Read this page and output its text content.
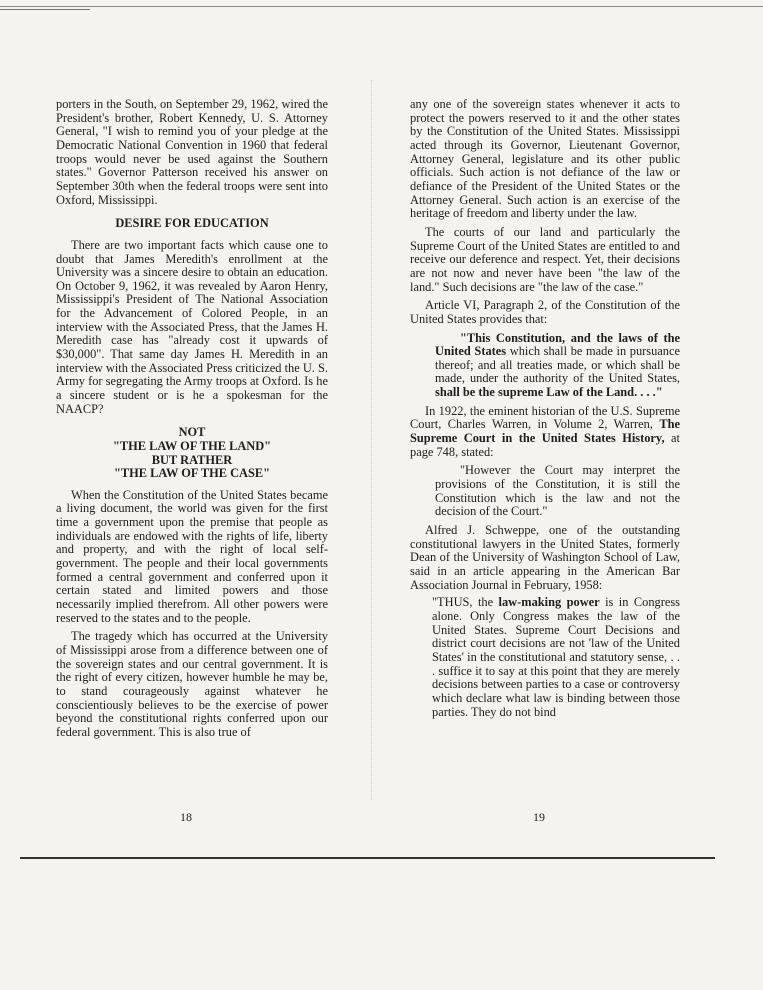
porters in the South, on September 29, 1962, wired the President's brother, Robert Kennedy, U. S. Attorney General, "I wish to remind you of your pledge at the Democratic National Convention in 1960 that federal troops would never be used against the Southern states." Governor Patterson received his answer on September 30th when the federal troops were sent into Oxford, Mississippi.

DESIRE FOR EDUCATION

There are two important facts which cause one to doubt that James Meredith's enrollment at the University was a sincere desire to obtain an education. On October 9, 1962, it was revealed by Aaron Henry, Mississippi's President of The National Association for the Advancement of Colored People, in an interview with the Associated Press, that the James H. Meredith case has "already cost it upwards of $30,000". That same day James H. Meredith in an interview with the Associated Press criticized the U. S. Army for segregating the Army troops at Oxford. Is he a sincere student or is he a spokesman for the NAACP?

NOT
"THE LAW OF THE LAND"
BUT RATHER
"THE LAW OF THE CASE"

When the Constitution of the United States became a living document, the world was given for the first time a government upon the premise that people as individuals are endowed with the rights of life, liberty and property, and with the right of local self-government. The people and their local governments formed a central government and conferred upon it certain stated and limited powers and those necessarily implied therefrom. All other powers were reserved to the states and to the people.

The tragedy which has occurred at the University of Mississippi arose from a difference between one of the sovereign states and our central government. It is the right of every citizen, however humble he may be, to stand courageously against whatever he conscientiously believes to be the exercise of power beyond the constitutional rights conferred upon our federal government. This is also true of

any one of the sovereign states whenever it acts to protect the powers reserved to it and the other states by the Constitution of the United States. Mississippi acted through its Governor, Lieutenant Governor, Attorney General, legislature and its other public officials. Such action is not defiance of the law or defiance of the President of the United States or the Attorney General. Such action is an exercise of the heritage of freedom and liberty under the law.

The courts of our land and particularly the Supreme Court of the United States are entitled to and receive our deference and respect. Yet, their decisions are not now and never have been "the law of the land." Such decisions are "the law of the case."

Article VI, Paragraph 2, of the Constitution of the United States provides that:

"This Constitution, and the laws of the United States which shall be made in pursuance thereof; and all treaties made, or which shall be made, under the authority of the United States, shall be the supreme Law of the Land. . . ."

In 1922, the eminent historian of the U.S. Supreme Court, Charles Warren, in Volume 2, Warren, The Supreme Court in the United States History, at page 748, stated:

"However the Court may interpret the provisions of the Constitution, it is still the Constitution which is the law and not the decision of the Court."

Alfred J. Schweppe, one of the outstanding constitutional lawyers in the United States, formerly Dean of the University of Washington School of Law, said in an article appearing in the American Bar Association Journal in February, 1958:

"THUS, the law-making power is in Congress alone. Only Congress makes the law of the United States. Supreme Court Decisions and district court decisions are not 'law of the United States' in the constitutional and statutory sense, . . . suffice it to say at this point that they are merely decisions between parties to a case or controversy which declare what law is binding between those parties. They do not bind

18	19
